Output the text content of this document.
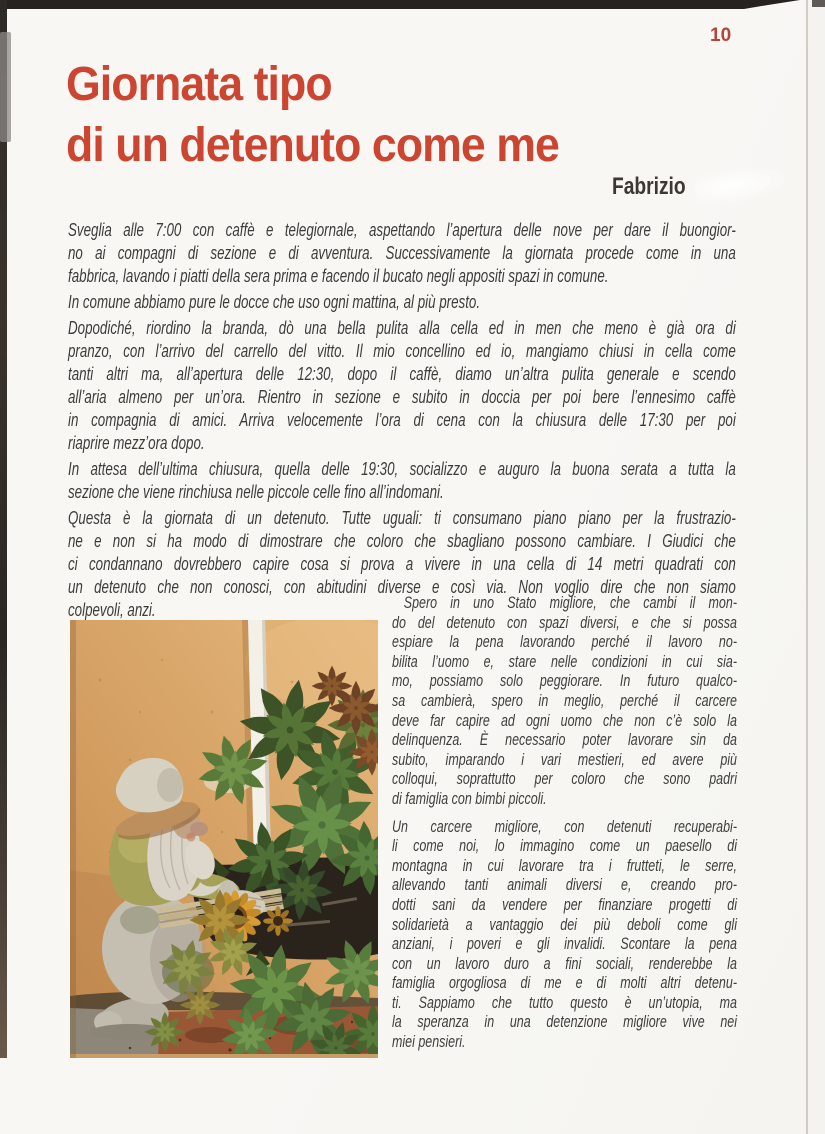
10
Giornata tipo
di un detenuto come me
Fabrizio
Sveglia alle 7:00 con caffè e telegiornale, aspettando l’apertura delle nove per dare il buongior-
no ai compagni di sezione e di avventura. Successivamente la giornata procede come in una
fabbrica, lavando i piatti della sera prima e facendo il bucato negli appositi spazi in comune.
In comune abbiamo pure le docce che uso ogni mattina, al più presto.
Dopodiché, riordino la branda, dò una bella pulita alla cella ed in men che meno è già ora di
pranzo, con l’arrivo del carrello del vitto. Il mio concellino ed io, mangiamo chiusi in cella come
tanti altri ma, all’apertura delle 12:30, dopo il caffè, diamo un’altra pulita generale e scendo
all’aria almeno per un’ora. Rientro in sezione e subito in doccia per poi bere l’ennesimo caffè
in compagnia di amici. Arriva velocemente l’ora di cena con la chiusura delle 17:30 per poi
riaprire mezz’ora dopo.
In attesa dell’ultima chiusura, quella delle 19:30, socializzo e auguro la buona serata a tutta la
sezione che viene rinchiusa nelle piccole celle fino all’indomani.
Questa è la giornata di un detenuto. Tutte uguali: ti consumano piano piano per la frustrazio-
ne e non si ha modo di dimostrare che coloro che sbagliano possono cambiare. I Giudici che
ci condannano dovrebbero capire cosa si prova a vivere in una cella di 14 metri quadrati con
un detenuto che non conosci, con abitudini diverse e così via. Non voglio dire che non siamo
colpevoli, anzi.	Spero in uno Stato migliore, che cambi il mon-
do del detenuto con spazi diversi, e che si possa
espiare la pena lavorando perché il lavoro no-
bilita l’uomo e, stare nelle condizioni in cui sia-
mo, possiamo solo peggiorare. In futuro qualco-
sa cambierà, spero in meglio, perché il carcere
deve far capire ad ogni uomo che non c’è solo la
delinquenza. È necessario poter lavorare sin da
subito, imparando i vari mestieri, ed avere più
colloqui, soprattutto per coloro che sono padri
di famiglia con bimbi piccoli.
Un carcere migliore, con detenuti recuperabi-
li come noi, lo immagino come un paesello di
montagna in cui lavorare tra i frutteti, le serre,
allevando tanti animali diversi e, creando pro-
dotti sani da vendere per finanziare progetti di
solidarietà a vantaggio dei più deboli come gli
anziani, i poveri e gli invalidi. Scontare la pena
con un lavoro duro a fini sociali, renderebbe la
famiglia orgogliosa di me e di molti altri detenu-
ti. Sappiamo che tutto questo è un’utopia, ma
la speranza in una detenzione migliore vive nei
miei pensieri.
